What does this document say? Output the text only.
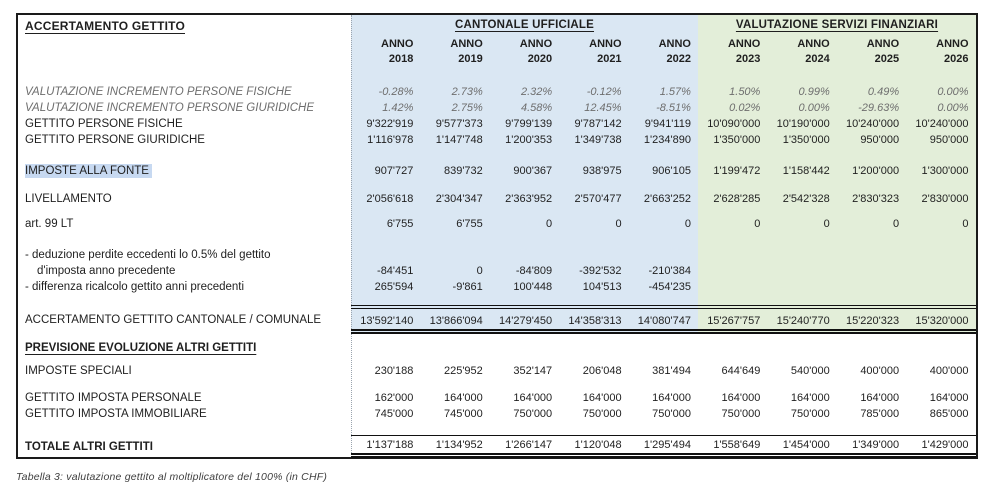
ACCERTAMENTO GETTITO	CANTONALE UFFICIALE	VALUTAZIONE SERVIZI FINANZIARI
ANNO	ANNO	ANNO	ANNO	ANNO	ANNO	ANNO	ANNO	ANNO
2018	2019	2020	2021	2022	2023	2024	2025	2026
VALUTAZIONE INCREMENTO PERSONE FISICHE	-0.28%	2.73%	2.32%	-0.12%	1.57%	1.50%	0.99%	0.49%	0.00%
VALUTAZIONE INCREMENTO PERSONE GIURIDICHE	1.42%	2.75%	4.58%	12.45%	-8.51%	0.02%	0.00%	-29.63%	0.00%
GETTITO PERSONE FISICHE	9'322'919	9'577'373	9'799'139	9'787'142	9'941'119	10'090'000	10'190'000	10'240'000	10'240'000
GETTITO PERSONE GIURIDICHE	1'116'978	1'147'748	1'200'353	1'349'738	1'234'890	1'350'000	1'350'000	950'000	950'000
IMPOSTE ALLA FONTE	907'727	839'732	900'367	938'975	906'105	1'199'472	1'158'442	1'200'000	1'300'000
LIVELLAMENTO	2'056'618	2'304'347	2'363'952	2'570'477	2'663'252	2'628'285	2'542'328	2'830'323	2'830'000
art. 99 LT	6'755	6'755	0	0	0	0	0	0	0
- deduzione perdite eccedenti lo 0.5% del gettito
d'imposta anno precedente	-84'451	0	-84'809	-392'532	-210'384
- differenza ricalcolo gettito anni precedenti	265'594	-9'861	100'448	104'513	-454'235
ACCERTAMENTO GETTITO CANTONALE / COMUNALE	13'592'140	13'866'094	14'279'450	14'358'313	14'080'747	15'267'757	15'240'770	15'220'323	15'320'000
PREVISIONE EVOLUZIONE ALTRI GETTITI
IMPOSTE SPECIALI	230'188	225'952	352'147	206'048	381'494	644'649	540'000	400'000	400'000
GETTITO IMPOSTA PERSONALE	162'000	164'000	164'000	164'000	164'000	164'000	164'000	164'000	164'000
GETTITO IMPOSTA IMMOBILIARE	745'000	745'000	750'000	750'000	750'000	750'000	750'000	785'000	865'000
TOTALE ALTRI GETTITI	1'137'188	1'134'952	1'266'147	1'120'048	1'295'494	1'558'649	1'454'000	1'349'000	1'429'000
Tabella 3: valutazione gettito al moltiplicatore del 100% (in CHF)
